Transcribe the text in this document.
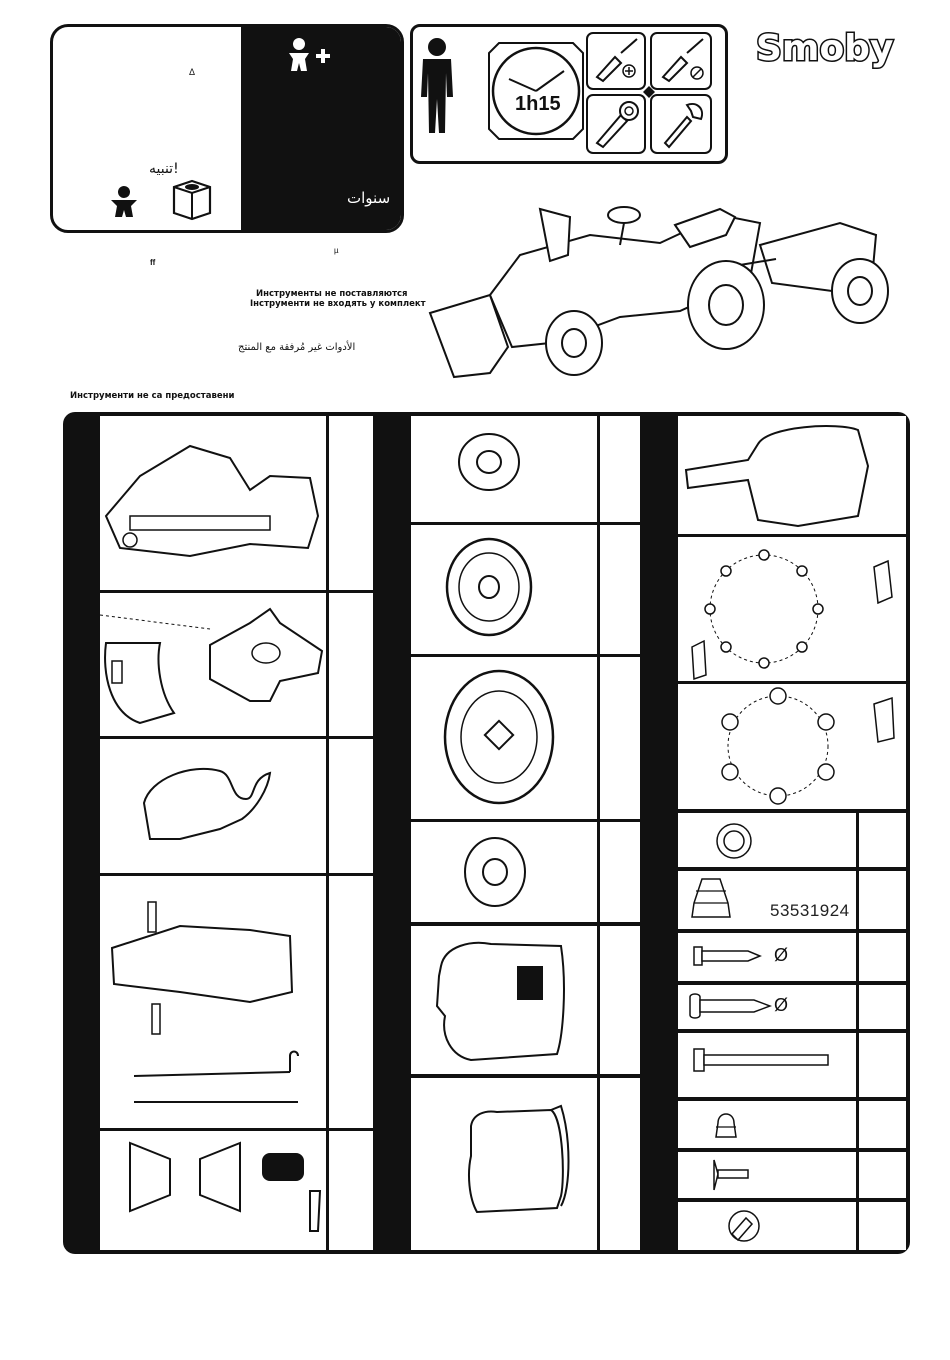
Smoby
Δ
تنبيه!
سنوات
1h15
µ
ff
Инструменты не поставляются
Інструменти не входять у комплект
الأدوات غير مُرفقة مع المنتج
Инструменти не са предоставени
53531924
Ø
Ø
